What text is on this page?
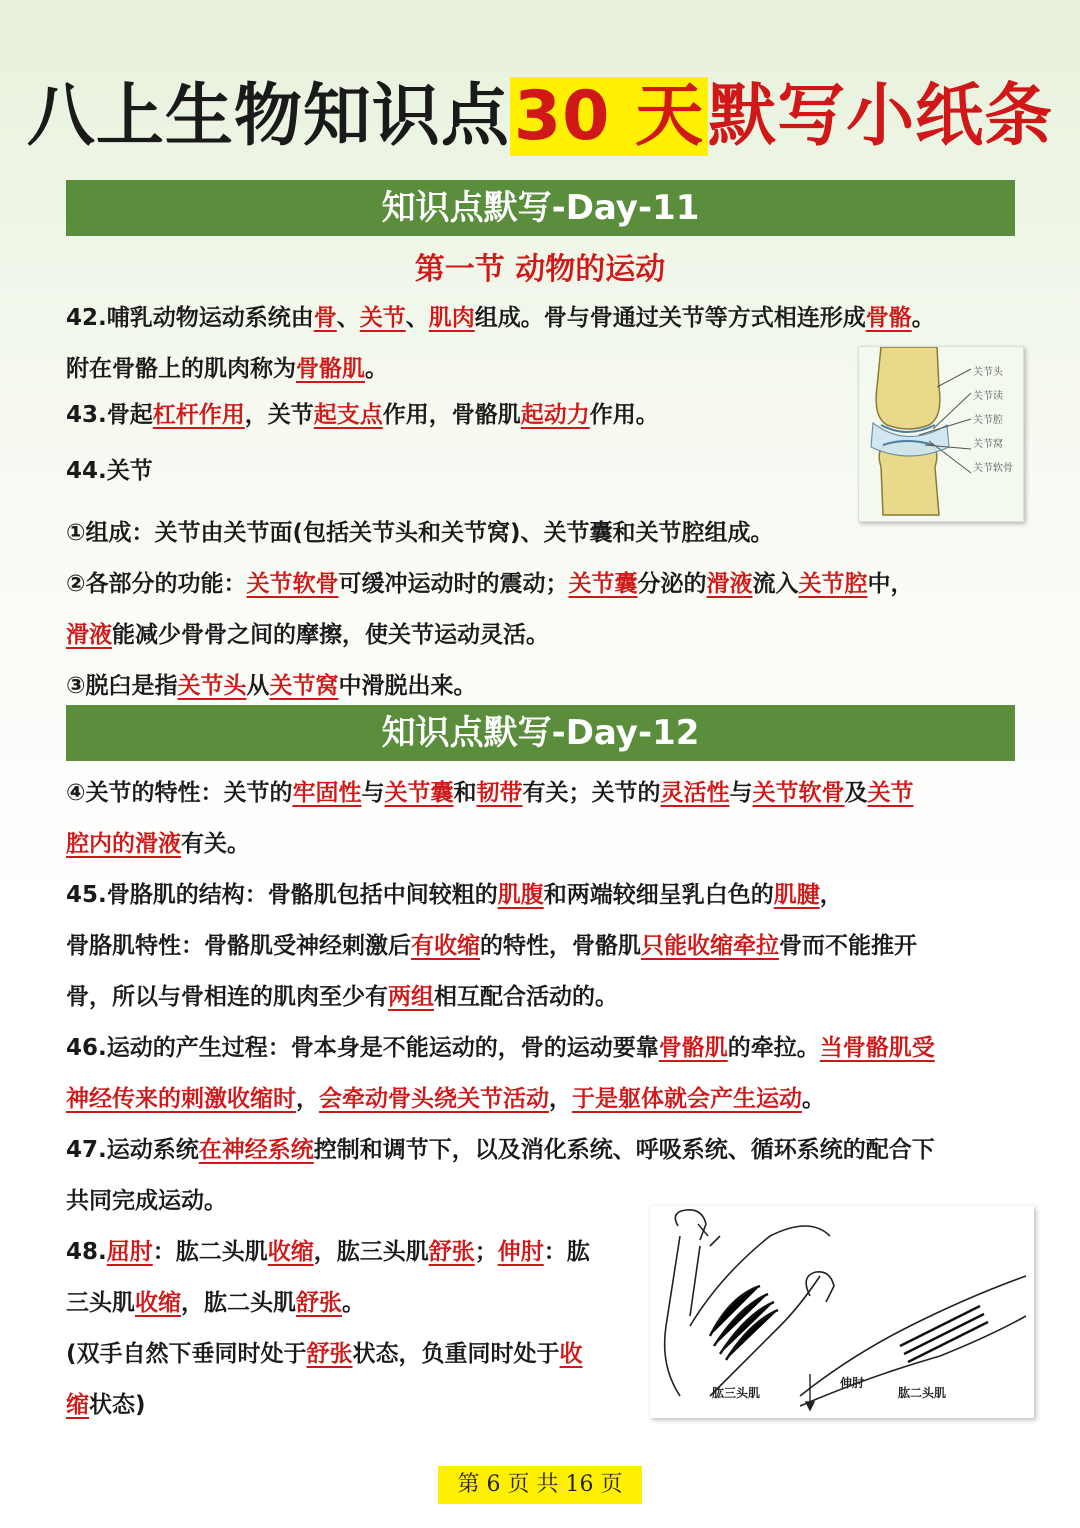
八上生物知识点30 天默写小纸条
知识点默写-Day-11
第一节 动物的运动
42.哺乳动物运动系统由骨、关节、肌肉组成。骨与骨通过关节等方式相连形成骨骼。
附在骨骼上的肌肉称为骨骼肌。
43.骨起杠杆作用，关节起支点作用，骨骼肌起动力作用。
44.关节
①组成：关节由关节面(包括关节头和关节窝)、关节囊和关节腔组成。
②各部分的功能：关节软骨可缓冲运动时的震动；关节囊分泌的滑液流入关节腔中，
滑液能减少骨骨之间的摩擦，使关节运动灵活。
③脱臼是指关节头从关节窝中滑脱出来。
关节头
关节读
关节腔
关节窝
关节软骨
知识点默写-Day-12
④关节的特性：关节的牢固性与关节囊和韧带有关；关节的灵活性与关节软骨及关节
腔内的滑液有关。
45.骨胳肌的结构：骨骼肌包括中间较粗的肌腹和两端较细呈乳白色的肌腱，
骨胳肌特性：骨骼肌受神经刺激后有收缩的特性，骨骼肌只能收缩牵拉骨而不能推开
骨，所以与骨相连的肌肉至少有两组相互配合活动的。
46.运动的产生过程：骨本身是不能运动的，骨的运动要靠骨骼肌的牵拉。当骨骼肌受
神经传来的刺激收缩时，会牵动骨头绕关节活动，于是躯体就会产生运动。
47.运动系统在神经系统控制和调节下，以及消化系统、呼吸系统、循环系统的配合下
共同完成运动。
48.屈肘：肱二头肌收缩，肱三头肌舒张；伸肘：肱
三头肌收缩，肱二头肌舒张。
(双手自然下垂同时处于舒张状态，负重同时处于收
缩状态)	肱三头肌
伸肘
肱二头肌
第 6 页 共 16 页
